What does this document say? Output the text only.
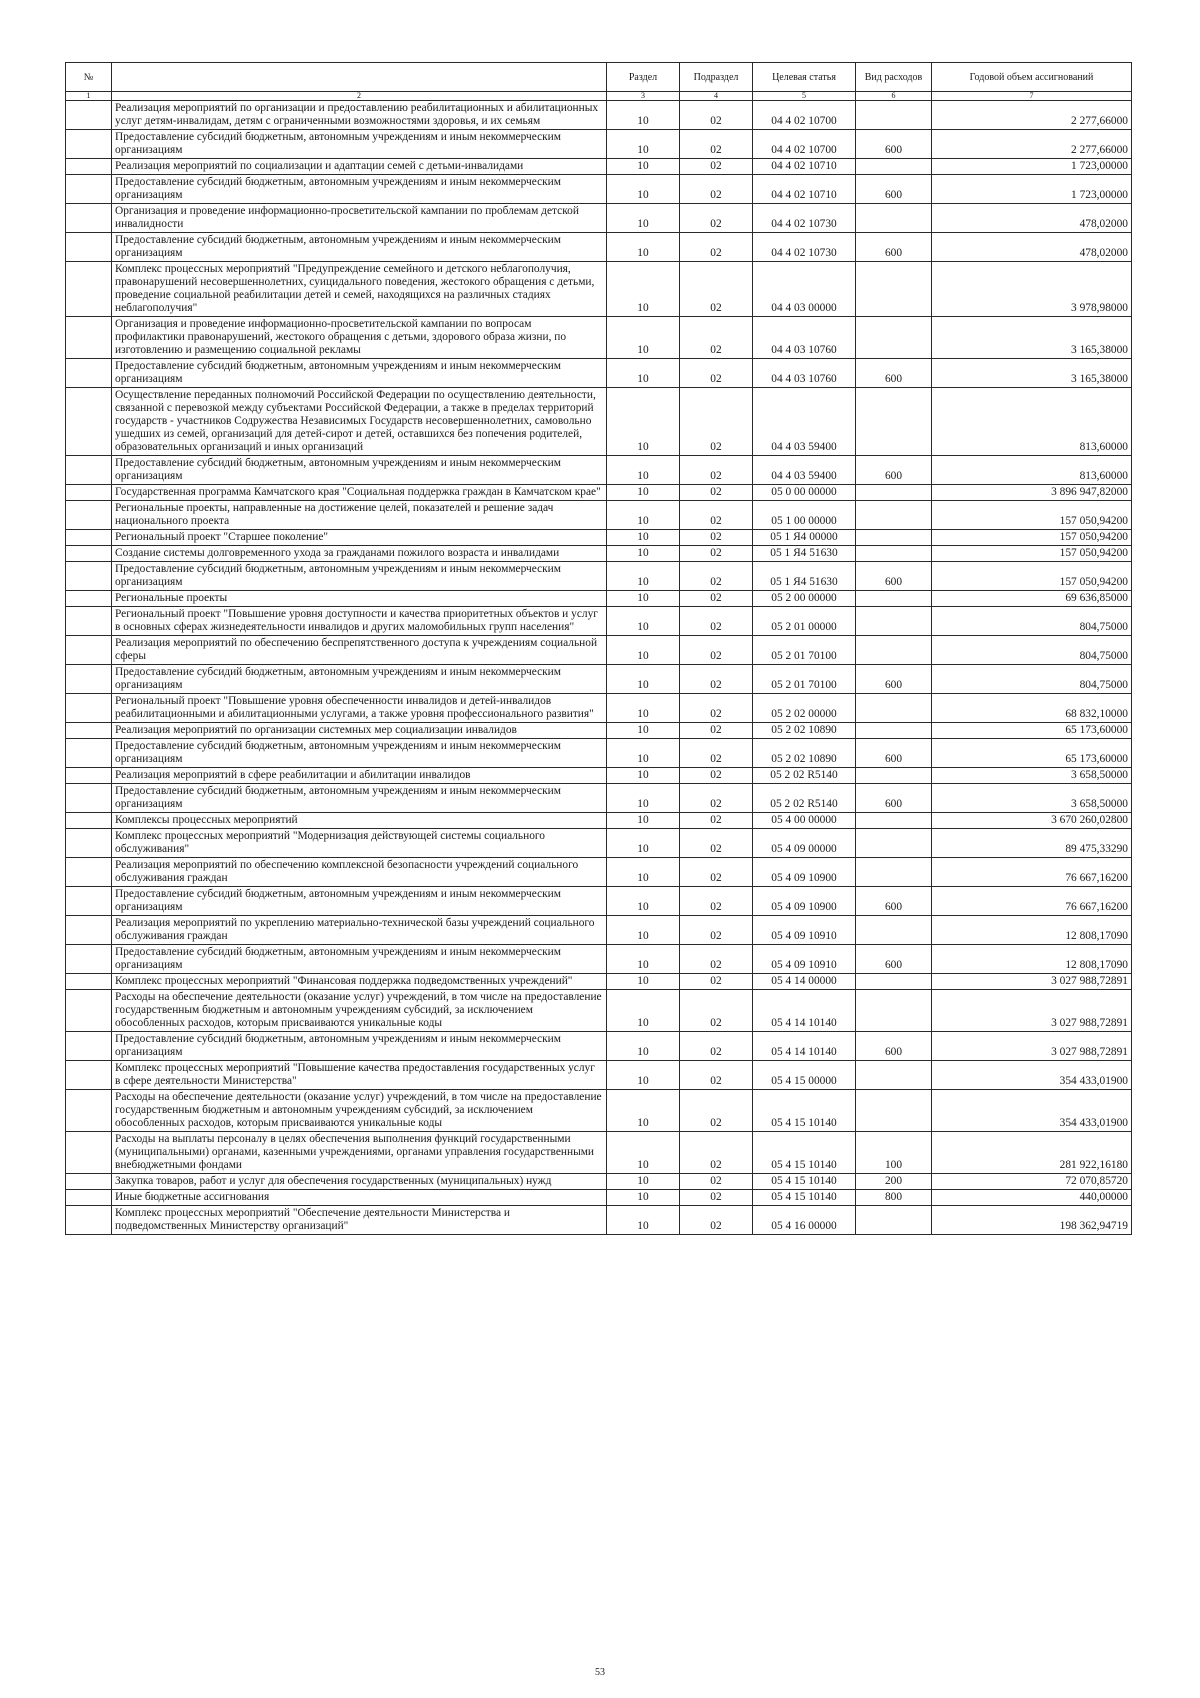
№		Раздел	Подраздел	Целевая статья	Вид расходов	Годовой объем ассигнований
1	2	3	4	5	6	7
	Реализация мероприятий по организации и предоставлению реабилитационных и абилитационных услуг детям-инвалидам, детям с ограниченными возможностями здоровья, и их семьям	10	02	04 4 02 10700		2 277,66000
	Предоставление субсидий бюджетным, автономным учреждениям и иным некоммерческим организациям	10	02	04 4 02 10700	600	2 277,66000
	Реализация мероприятий по социализации и адаптации семей с детьми-инвалидами	10	02	04 4 02 10710		1 723,00000
	Предоставление субсидий бюджетным, автономным учреждениям и иным некоммерческим организациям	10	02	04 4 02 10710	600	1 723,00000
	Организация и проведение информационно-просветительской кампании по проблемам детской инвалидности	10	02	04 4 02 10730		478,02000
	Предоставление субсидий бюджетным, автономным учреждениям и иным некоммерческим организациям	10	02	04 4 02 10730	600	478,02000
	Комплекс процессных мероприятий "Предупреждение семейного и детского неблагополучия, правонарушений несовершеннолетних, суицидального поведения, жестокого обращения с детьми, проведение социальной реабилитации детей и семей, находящихся на различных стадиях неблагополучия"	10	02	04 4 03 00000		3 978,98000
	Организация и проведение информационно-просветительской кампании по вопросам профилактики правонарушений, жестокого обращения с детьми, здорового образа жизни, по изготовлению и размещению социальной рекламы	10	02	04 4 03 10760		3 165,38000
	Предоставление субсидий бюджетным, автономным учреждениям и иным некоммерческим организациям	10	02	04 4 03 10760	600	3 165,38000
	Осуществление переданных полномочий Российской Федерации по осуществлению деятельности, связанной с перевозкой между субъектами Российской Федерации, а также в пределах территорий государств - участников Содружества Независимых Государств несовершеннолетних, самовольно ушедших из семей, организаций для детей-сирот и детей, оставшихся без попечения родителей, образовательных организаций и иных организаций	10	02	04 4 03 59400		813,60000
	Предоставление субсидий бюджетным, автономным учреждениям и иным некоммерческим организациям	10	02	04 4 03 59400	600	813,60000
	Государственная программа Камчатского края "Социальная поддержка граждан в Камчатском крае"	10	02	05 0 00 00000		3 896 947,82000
	Региональные проекты, направленные на достижение целей, показателей и решение задач национального проекта	10	02	05 1 00 00000		157 050,94200
	Региональный проект "Старшее поколение"	10	02	05 1 Я4 00000		157 050,94200
	Создание системы долговременного ухода за гражданами пожилого возраста и инвалидами	10	02	05 1 Я4 51630		157 050,94200
	Предоставление субсидий бюджетным, автономным учреждениям и иным некоммерческим организациям	10	02	05 1 Я4 51630	600	157 050,94200
	Региональные проекты	10	02	05 2 00 00000		69 636,85000
	Региональный проект "Повышение уровня доступности и качества приоритетных объектов и услуг в основных сферах жизнедеятельности инвалидов и других маломобильных групп населения"	10	02	05 2 01 00000		804,75000
	Реализация мероприятий по обеспечению беспрепятственного доступа к учреждениям социальной сферы	10	02	05 2 01 70100		804,75000
	Предоставление субсидий бюджетным, автономным учреждениям и иным некоммерческим организациям	10	02	05 2 01 70100	600	804,75000
	Региональный проект "Повышение уровня обеспеченности инвалидов и детей-инвалидов реабилитационными и абилитационными услугами, а также уровня профессионального развития"	10	02	05 2 02 00000		68 832,10000
	Реализация мероприятий по организации системных мер социализации инвалидов	10	02	05 2 02 10890		65 173,60000
	Предоставление субсидий бюджетным, автономным учреждениям и иным некоммерческим организациям	10	02	05 2 02 10890	600	65 173,60000
	Реализация мероприятий в сфере реабилитации и абилитации инвалидов	10	02	05 2 02 R5140		3 658,50000
	Предоставление субсидий бюджетным, автономным учреждениям и иным некоммерческим организациям	10	02	05 2 02 R5140	600	3 658,50000
	Комплексы процессных мероприятий	10	02	05 4 00 00000		3 670 260,02800
	Комплекс процессных мероприятий "Модернизация действующей системы социального обслуживания"	10	02	05 4 09 00000		89 475,33290
	Реализация мероприятий по обеспечению комплексной безопасности учреждений социального обслуживания граждан	10	02	05 4 09 10900		76 667,16200
	Предоставление субсидий бюджетным, автономным учреждениям и иным некоммерческим организациям	10	02	05 4 09 10900	600	76 667,16200
	Реализация мероприятий по укреплению материально-технической базы учреждений социального обслуживания граждан	10	02	05 4 09 10910		12 808,17090
	Предоставление субсидий бюджетным, автономным учреждениям и иным некоммерческим организациям	10	02	05 4 09 10910	600	12 808,17090
	Комплекс процессных мероприятий "Финансовая поддержка подведомственных учреждений"	10	02	05 4 14 00000		3 027 988,72891
	Расходы на обеспечение деятельности (оказание услуг) учреждений, в том числе на предоставление государственным бюджетным и автономным учреждениям субсидий, за исключением обособленных расходов, которым присваиваются уникальные коды	10	02	05 4 14 10140		3 027 988,72891
	Предоставление субсидий бюджетным, автономным учреждениям и иным некоммерческим организациям	10	02	05 4 14 10140	600	3 027 988,72891
	Комплекс процессных мероприятий "Повышение качества предоставления государственных услуг в сфере деятельности Министерства"	10	02	05 4 15 00000		354 433,01900
	Расходы на обеспечение деятельности (оказание услуг) учреждений, в том числе на предоставление государственным бюджетным и автономным учреждениям субсидий, за исключением обособленных расходов, которым присваиваются уникальные коды	10	02	05 4 15 10140		354 433,01900
	Расходы на выплаты персоналу в целях обеспечения выполнения функций государственными (муниципальными) органами, казенными учреждениями, органами управления государственными внебюджетными фондами	10	02	05 4 15 10140	100	281 922,16180
	Закупка товаров, работ и услуг для обеспечения государственных (муниципальных) нужд	10	02	05 4 15 10140	200	72 070,85720
	Иные бюджетные ассигнования	10	02	05 4 15 10140	800	440,00000
	Комплекс процессных мероприятий "Обеспечение деятельности Министерства и подведомственных Министерству организаций"	10	02	05 4 16 00000		198 362,94719
53
